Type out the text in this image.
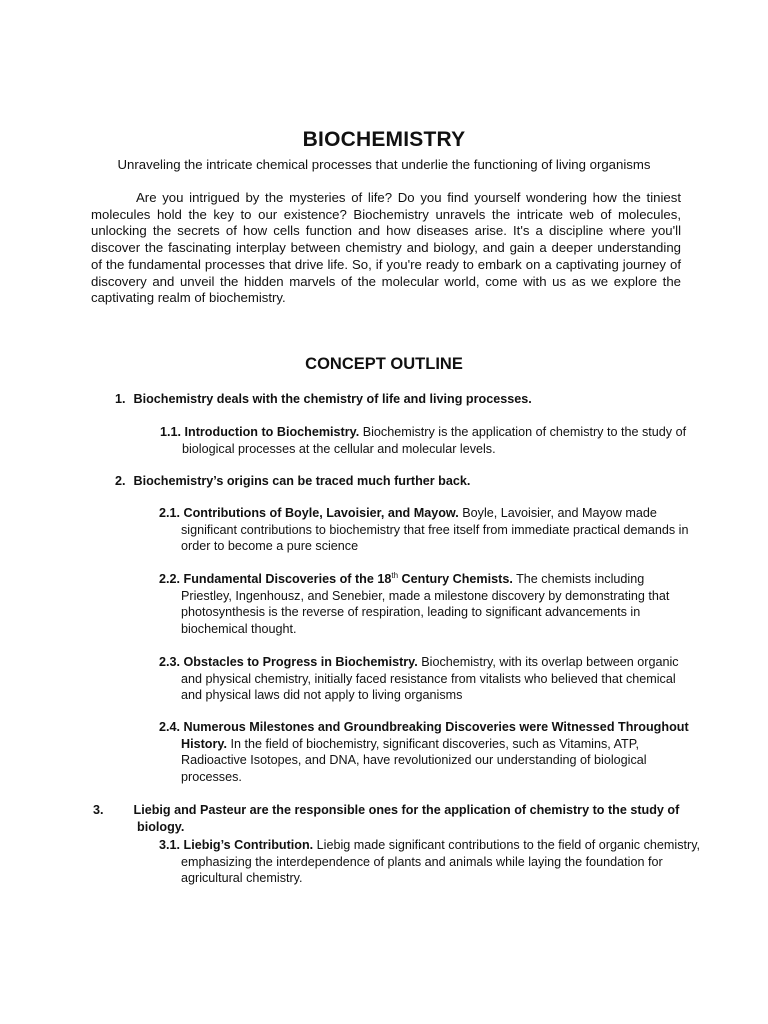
BIOCHEMISTRY
Unraveling the intricate chemical processes that underlie the functioning of living organisms

Are you intrigued by the mysteries of life? Do you find yourself wondering how the tiniest molecules hold the key to our existence? Biochemistry unravels the intricate web of molecules, unlocking the secrets of how cells function and how diseases arise. It's a discipline where you'll discover the fascinating interplay between chemistry and biology, and gain a deeper understanding of the fundamental processes that drive life. So, if you're ready to embark on a captivating journey of discovery and unveil the hidden marvels of the molecular world, come with us as we explore the captivating realm of biochemistry.

CONCEPT OUTLINE

1. Biochemistry deals with the chemistry of life and living processes.

1.1. Introduction to Biochemistry. Biochemistry is the application of chemistry to the study of biological processes at the cellular and molecular levels.

2. Biochemistry’s origins can be traced much further back.

2.1. Contributions of Boyle, Lavoisier, and Mayow. Boyle, Lavoisier, and Mayow made significant contributions to biochemistry that free itself from immediate practical demands in order to become a pure science

2.2. Fundamental Discoveries of the 18th Century Chemists. The chemists including Priestley, Ingenhousz, and Senebier, made a milestone discovery by demonstrating that photosynthesis is the reverse of respiration, leading to significant advancements in biochemical thought.

2.3. Obstacles to Progress in Biochemistry. Biochemistry, with its overlap between organic and physical chemistry, initially faced resistance from vitalists who believed that chemical and physical laws did not apply to living organisms

2.4. Numerous Milestones and Groundbreaking Discoveries were Witnessed Throughout History. In the field of biochemistry, significant discoveries, such as Vitamins, ATP, Radioactive Isotopes, and DNA, have revolutionized our understanding of biological processes.

3. Liebig and Pasteur are the responsible ones for the application of chemistry to the study of biology.

3.1. Liebig’s Contribution. Liebig made significant contributions to the field of organic chemistry, emphasizing the interdependence of plants and animals while laying the foundation for agricultural chemistry.
